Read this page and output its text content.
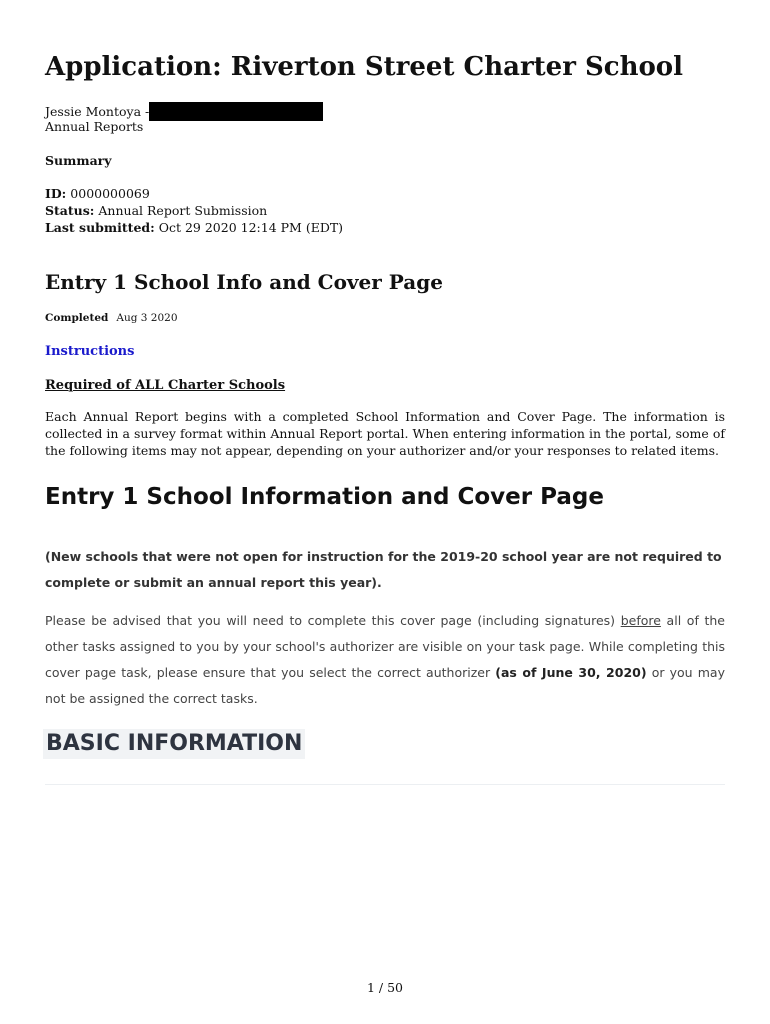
Application: Riverton Street Charter School
Jessie Montoya -
Annual Reports
Summary
ID: 0000000069
Status: Annual Report Submission
Last submitted: Oct 29 2020 12:14 PM (EDT)
Entry 1 School Info and Cover Page
Completed Aug 3 2020
Instructions
Required of ALL Charter Schools

Each Annual Report begins with a completed School Information and Cover Page. The information is collected in a survey format within Annual Report portal. When entering information in the portal, some of the following items may not appear, depending on your authorizer and/or your responses to related items.

Entry 1 School Information and Cover Page

(New schools that were not open for instruction for the 2019-20 school year are not required to complete or submit an annual report this year).

Please be advised that you will need to complete this cover page (including signatures) before all of the other tasks assigned to you by your school's authorizer are visible on your task page. While completing this cover page task, please ensure that you select the correct authorizer (as of June 30, 2020) or you may not be assigned the correct tasks.

BASIC INFORMATION
1 / 50
